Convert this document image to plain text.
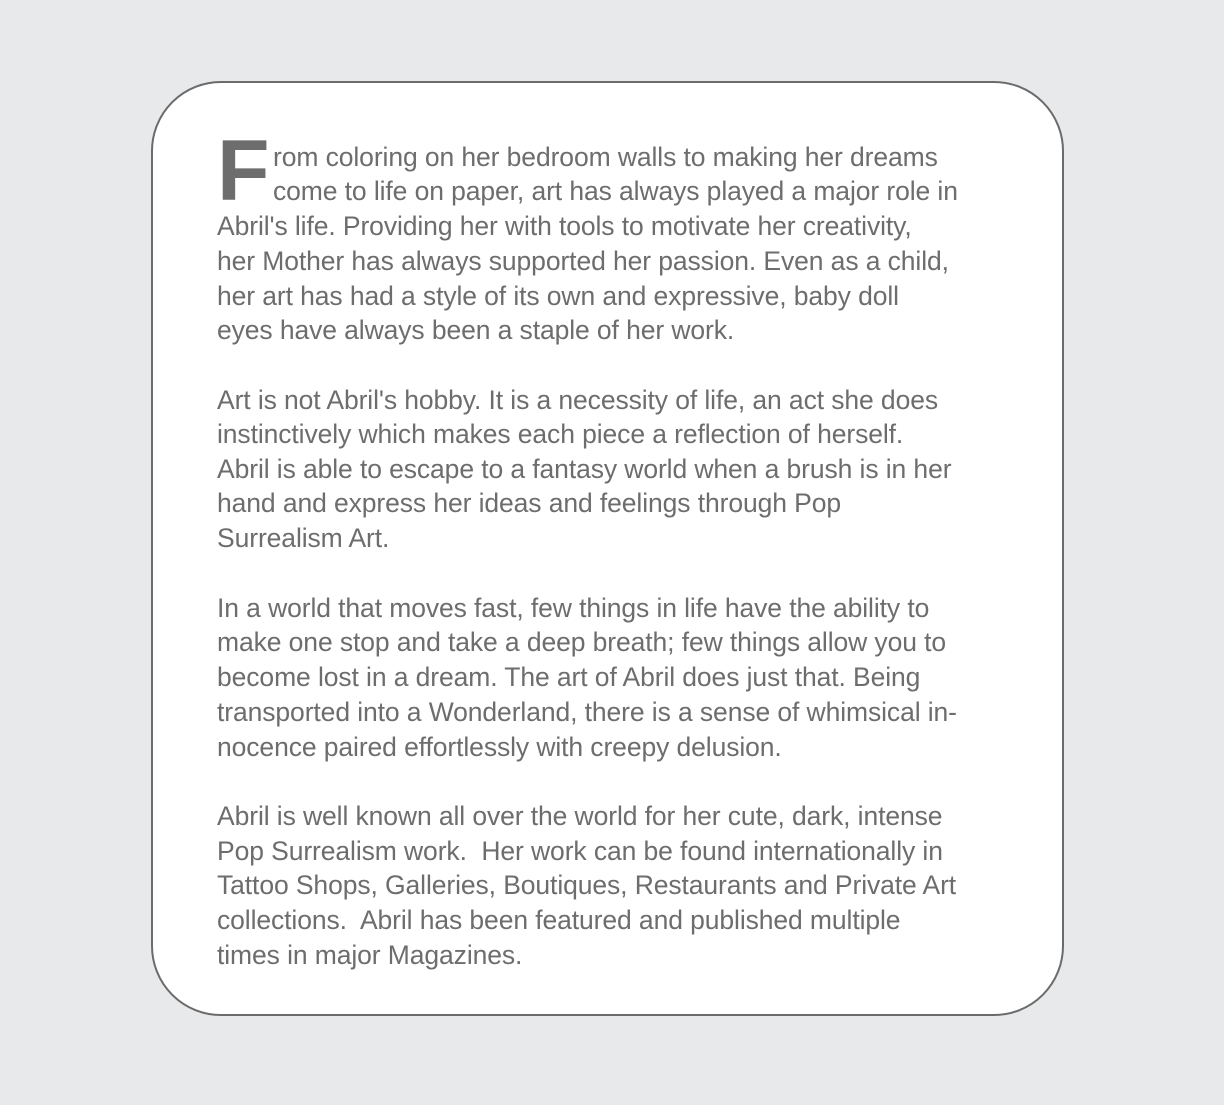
F rom coloring on her bedroom walls to making her dreams
come to life on paper, art has always played a major role in
Abril's life. Providing her with tools to motivate her creativity,
her Mother has always supported her passion. Even as a child,
her art has had a style of its own and expressive, baby doll
eyes have always been a staple of her work.
Art is not Abril's hobby. It is a necessity of life, an act she does
instinctively which makes each piece a reflection of herself.
Abril is able to escape to a fantasy world when a brush is in her
hand and express her ideas and feelings through Pop
Surrealism Art.
In a world that moves fast, few things in life have the ability to
make one stop and take a deep breath; few things allow you to
become lost in a dream. The art of Abril does just that. Being
transported into a Wonderland, there is a sense of whimsical in-
nocence paired effortlessly with creepy delusion.
Abril is well known all over the world for her cute, dark, intense
Pop Surrealism work.  Her work can be found internationally in
Tattoo Shops, Galleries, Boutiques, Restaurants and Private Art
collections.  Abril has been featured and published multiple
times in major Magazines.
